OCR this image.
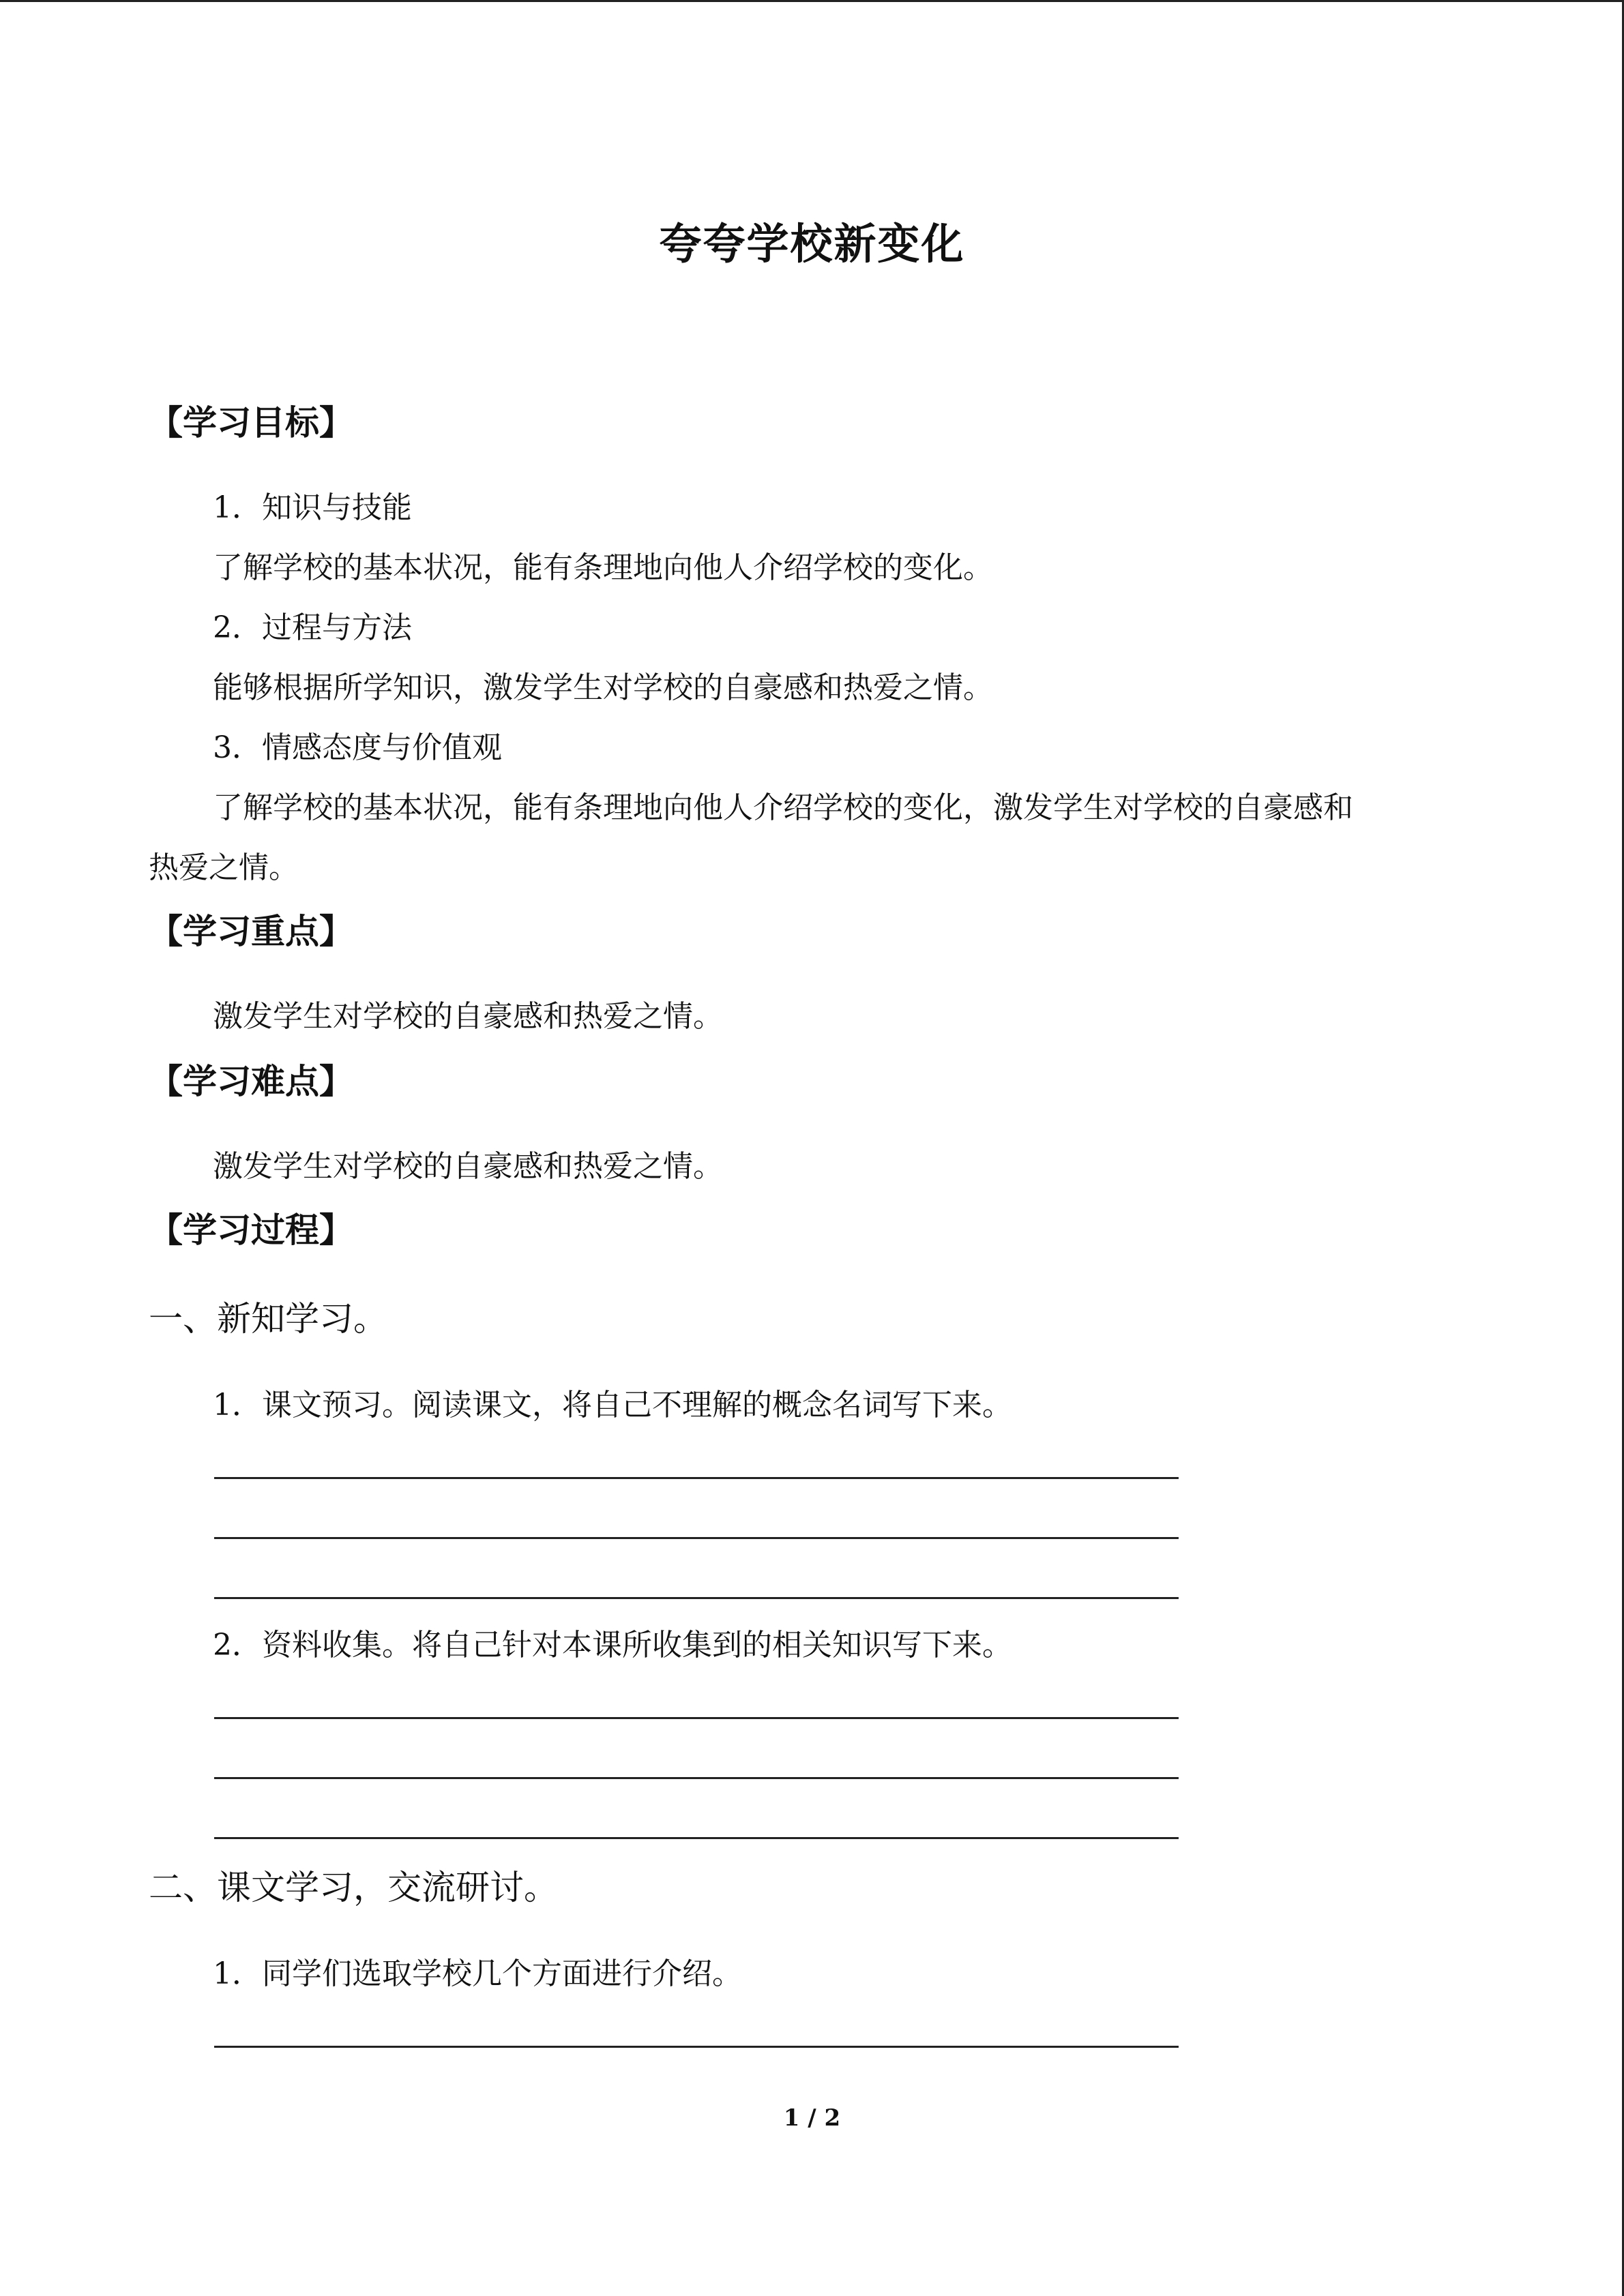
夸夸学校新变化
【学习目标】
1．知识与技能
了解学校的基本状况，能有条理地向他人介绍学校的变化。
2．过程与方法
能够根据所学知识，激发学生对学校的自豪感和热爱之情。
3．情感态度与价值观
了解学校的基本状况，能有条理地向他人介绍学校的变化，激发学生对学校的自豪感和
热爱之情。
【学习重点】
激发学生对学校的自豪感和热爱之情。
【学习难点】
激发学生对学校的自豪感和热爱之情。
【学习过程】
一、新知学习。
1．课文预习。阅读课文，将自己不理解的概念名词写下来。
2．资料收集。将自己针对本课所收集到的相关知识写下来。
二、课文学习，交流研讨。
1．同学们选取学校几个方面进行介绍。
1 / 2
